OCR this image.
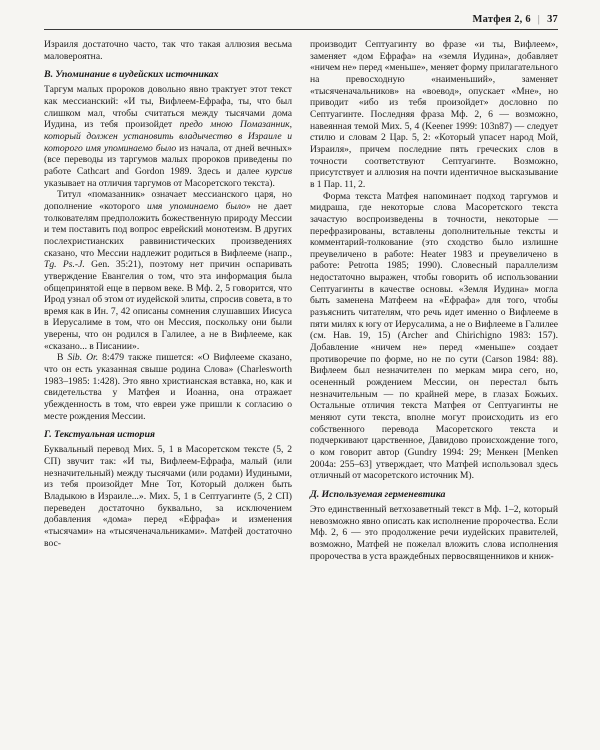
Матфея 2, 6 | 37

Израиля достаточно часто, так что такая аллюзия весьма маловероятна.

В. Упоминание в иудейских источниках

Таргум малых пророков довольно явно трактует этот текст как мессианский: «И ты, Вифлеем-Ефрафа, ты, что был слишком мал, чтобы считаться между тысячами дома Иудина, из тебя произойдет предо мною Помазанник, который должен установить владычество в Израиле и которого имя упоминаемо было из начала, от дней вечных» (все переводы из таргумов малых пророков приведены по работе Cathcart and Gordon 1989. Здесь и далее курсив указывает на отличия таргумов от Масоретского текста).

Титул «помазанник» означает мессианского царя, но дополнение «которого имя упоминаемо было» не дает толкователям предположить божественную природу Мессии и тем поставить под вопрос еврейский монотеизм. В других послехристианских раввинистических произведениях сказано, что Мессии надлежит родиться в Вифлееме (напр., Tg. Ps.-J. Gen. 35:21), поэтому нет причин оспаривать утверждение Евангелия о том, что эта информация была общепринятой еще в первом веке. В Мф. 2, 5 говорится, что Ирод узнал об этом от иудейской элиты, спросив совета, в то время как в Ин. 7, 42 описаны сомнения слушавших Иисуса в Иерусалиме в том, что он Мессия, поскольку они были уверены, что он родился в Галилее, а не в Вифлееме, как «сказано... в Писании».

В Sib. Or. 8:479 также пишется: «О Вифлееме сказано, что он есть указанная свыше родина Слова» (Charlesworth 1983–1985: 1:428). Это явно христианская вставка, но, как и свидетельства у Матфея и Иоанна, она отражает убежденность в том, что евреи уже пришли к согласию о месте рождения Мессии.

Г. Текстуальная история

Буквальный перевод Мих. 5, 1 в Масоретском тексте (5, 2 СП) звучит так: «И ты, Вифлеем-Ефрафа, малый (или незначительный) между тысячами (или родами) Иудиными, из тебя произойдет Мне Тот, Который должен быть Владыкою в Израиле...». Мих. 5, 1 в Септуагинте (5, 2 СП) переведен достаточно буквально, за исключением добавления «дома» перед «Ефрафа» и изменения «тысячами» на «тысяченачальниками». Матфей достаточно вос-

производит Септуагинту во фразе «и ты, Вифлеем», заменяет «дом Ефрафа» на «земля Иудина», добавляет «ничем не» перед «меньше», меняет форму прилагательного на превосходную «наименьший», заменяет «тысяченачальников» на «воевод», опускает «Мне», но приводит «ибо из тебя произойдет» дословно по Септуагинте. Последняя фраза Мф. 2, 6 — возможно, навеянная темой Мих. 5, 4 (Keener 1999: 103n87) — следует стилю и словам 2 Цар. 5, 2: «Который упасет народ Мой, Израиля», причем последние пять греческих слов в точности соответствуют Септуагинте. Возможно, присутствует и аллюзия на почти идентичное высказывание в 1 Пар. 11, 2.

Форма текста Матфея напоминает подход таргумов и мидраша, где некоторые слова Масоретского текста зачастую воспроизведены в точности, некоторые — перефразированы, вставлены дополнительные тексты и комментарий-толкование (это сходство было излишне преувеличено в работе: Heater 1983 и преувеличено в работе: Petrotta 1985; 1990). Словесный параллелизм недостаточно выражен, чтобы говорить об использовании Септуагинты в качестве основы. «Земля Иудина» могла быть заменена Матфеем на «Ефрафа» для того, чтобы разъяснить читателям, что речь идет именно о Вифлееме в пяти милях к югу от Иерусалима, а не о Вифлееме в Галилее (см. Нав. 19, 15) (Archer and Chirichigno 1983: 157). Добавление «ничем не» перед «меньше» создает противоречие по форме, но не по сути (Carson 1984: 88). Вифлеем был незначителен по меркам мира сего, но, осененный рождением Мессии, он перестал быть незначительным — по крайней мере, в глазах Божьих. Остальные отличия текста Матфея от Септуагинты не меняют сути текста, вполне могут происходить из его собственного перевода Масоретского текста и подчеркивают царственное, Давидово происхождение того, о ком говорит автор (Gundry 1994: 29; Менкен [Menken 2004a: 255–63] утверждает, что Матфей использовал здесь отличный от масоретского источник М).

Д. Используемая герменевтика

Это единственный ветхозаветный текст в Мф. 1–2, который невозможно явно описать как исполнение пророчества. Если Мф. 2, 6 — это продолжение речи иудейских правителей, возможно, Матфей не пожелал вложить слова исполнения пророчества в уста враждебных первосвященников и книж-
